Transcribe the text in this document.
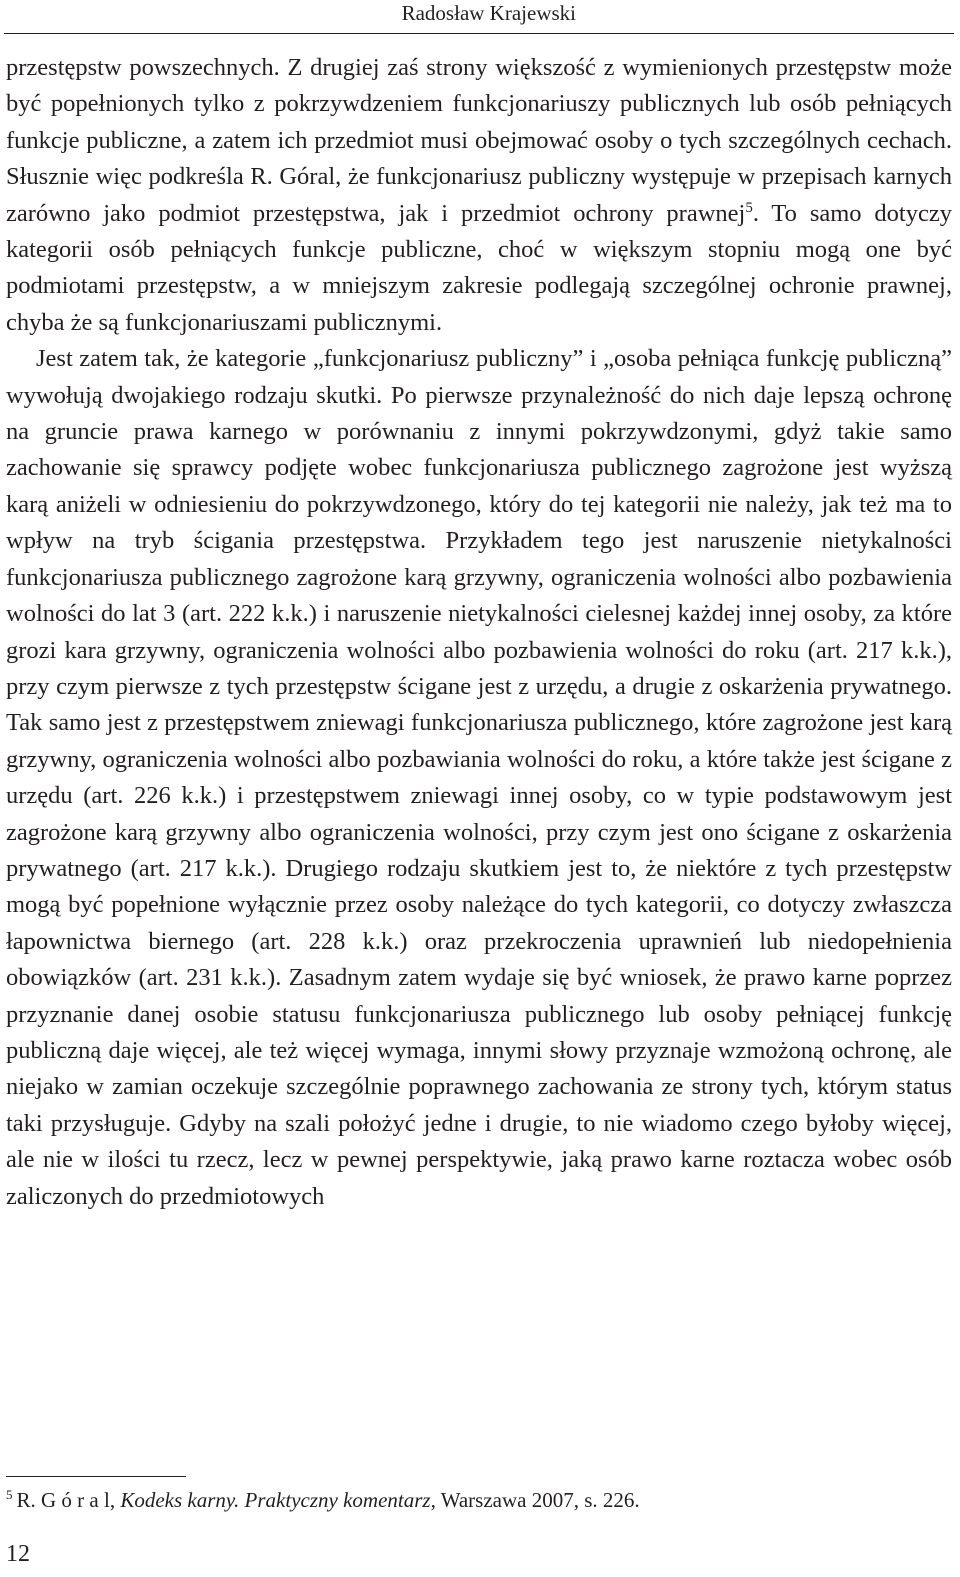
Radosław Krajewski

przestępstw powszechnych. Z drugiej zaś strony większość z wymienionych przestępstw może być popełnionych tylko z pokrzywdzeniem funkcjonariuszy publicznych lub osób pełniących funkcje publiczne, a zatem ich przedmiot musi obejmować osoby o tych szczególnych cechach. Słusznie więc podkreśla R. Góral, że funkcjonariusz publiczny występuje w przepisach karnych zarówno jako podmiot przestępstwa, jak i przedmiot ochrony prawnej$^5$. To samo dotyczy kategorii osób pełniących funkcje publiczne, choć w większym stopniu mogą one być podmiotami przestępstw, a w mniejszym zakresie podlegają szczególnej ochronie prawnej, chyba że są funkcjonariuszami publicznymi.

Jest zatem tak, że kategorie „funkcjonariusz publiczny” i „osoba pełniąca funkcję publiczną” wywołują dwojakiego rodzaju skutki. Po pierwsze przynależność do nich daje lepszą ochronę na gruncie prawa karnego w porównaniu z innymi pokrzywdzonymi, gdyż takie samo zachowanie się sprawcy podjęte wobec funkcjonariusza publicznego zagrożone jest wyższą karą aniżeli w odniesieniu do pokrzywdzonego, który do tej kategorii nie należy, jak też ma to wpływ na tryb ścigania przestępstwa. Przykładem tego jest naruszenie nietykalności funkcjonariusza publicznego zagrożone karą grzywny, ograniczenia wolności albo pozbawienia wolności do lat 3 (art. 222 k.k.) i naruszenie nietykalności cielesnej każdej innej osoby, za które grozi kara grzywny, ograniczenia wolności albo pozbawienia wolności do roku (art. 217 k.k.), przy czym pierwsze z tych przestępstw ścigane jest z urzędu, a drugie z oskarżenia prywatnego. Tak samo jest z przestępstwem zniewagi funkcjonariusza publicznego, które zagrożone jest karą grzywny, ograniczenia wolności albo pozbawiania wolności do roku, a które także jest ścigane z urzędu (art. 226 k.k.) i przestępstwem zniewagi innej osoby, co w typie podstawowym jest zagrożone karą grzywny albo ograniczenia wolności, przy czym jest ono ścigane z oskarżenia prywatnego (art. 217 k.k.). Drugiego rodzaju skutkiem jest to, że niektóre z tych przestępstw mogą być popełnione wyłącznie przez osoby należące do tych kategorii, co dotyczy zwłaszcza łapownictwa biernego (art. 228 k.k.) oraz przekroczenia uprawnień lub niedopełnienia obowiązków (art. 231 k.k.). Zasadnym zatem wydaje się być wniosek, że prawo karne poprzez przyznanie danej osobie statusu funkcjonariusza publicznego lub osoby pełniącej funkcję publiczną daje więcej, ale też więcej wymaga, innymi słowy przyznaje wzmożoną ochronę, ale niejako w zamian oczekuje szczególnie poprawnego zachowania ze strony tych, którym status taki przysługuje. Gdyby na szali położyć jedne i drugie, to nie wiadomo czego byłoby więcej, ale nie w ilości tu rzecz, lecz w pewnej perspektywie, jaką prawo karne roztacza wobec osób zaliczonych do przedmiotowych

$^5$ R. G ó r a l, Kodeks karny. Praktyczny komentarz, Warszawa 2007, s. 226.
12
